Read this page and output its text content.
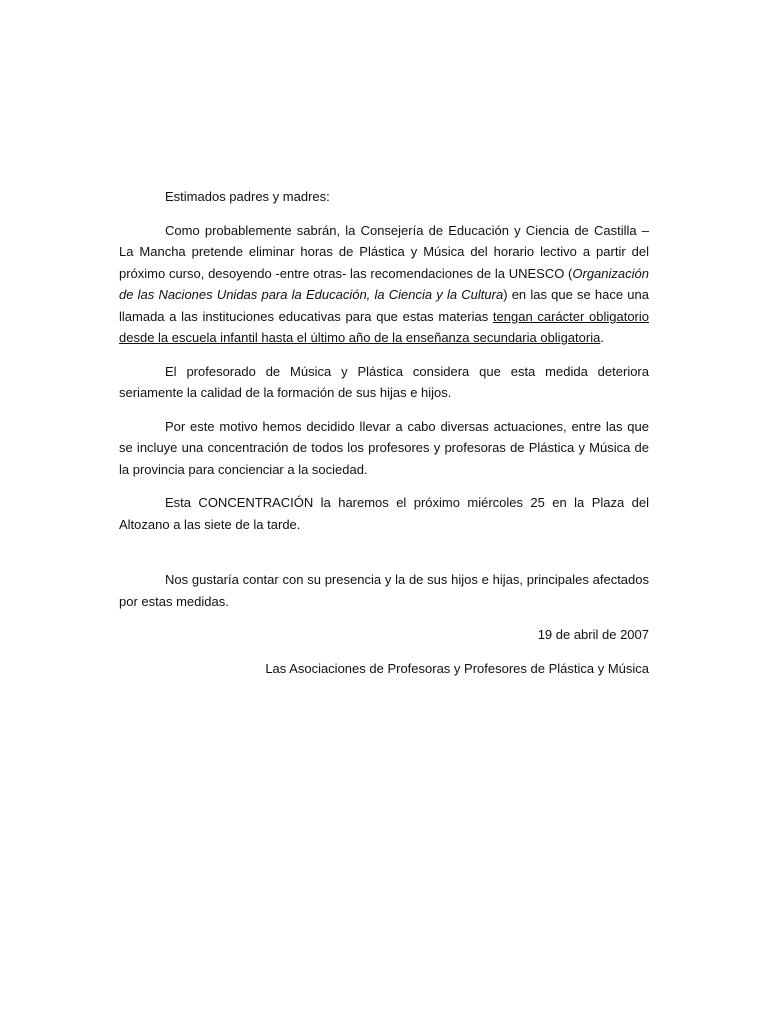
Estimados padres y madres:

Como probablemente sabrán, la Consejería de Educación y Ciencia de Castilla – La Mancha pretende eliminar horas de Plástica y Música del horario lectivo a partir del próximo curso, desoyendo -entre otras- las recomendaciones de la UNESCO (Organización de las Naciones Unidas para la Educación, la Ciencia y la Cultura) en las que se hace una llamada a las instituciones educativas para que estas materias tengan carácter obligatorio desde la escuela infantil hasta el último año de la enseñanza secundaria obligatoria.

El profesorado de Música y Plástica considera que esta medida deteriora seriamente la calidad de la formación de sus hijas e hijos.

Por este motivo hemos decidido llevar a cabo diversas actuaciones, entre las que se incluye una concentración de todos los profesores y profesoras de Plástica y Música de la provincia para concienciar a la sociedad.

Esta CONCENTRACIÓN la haremos el próximo miércoles 25 en la Plaza del Altozano a las siete de la tarde.

Nos gustaría contar con su presencia y la de sus hijos e hijas, principales afectados por estas medidas.

19 de abril de 2007

Las Asociaciones de Profesoras y Profesores de Plástica y Música
